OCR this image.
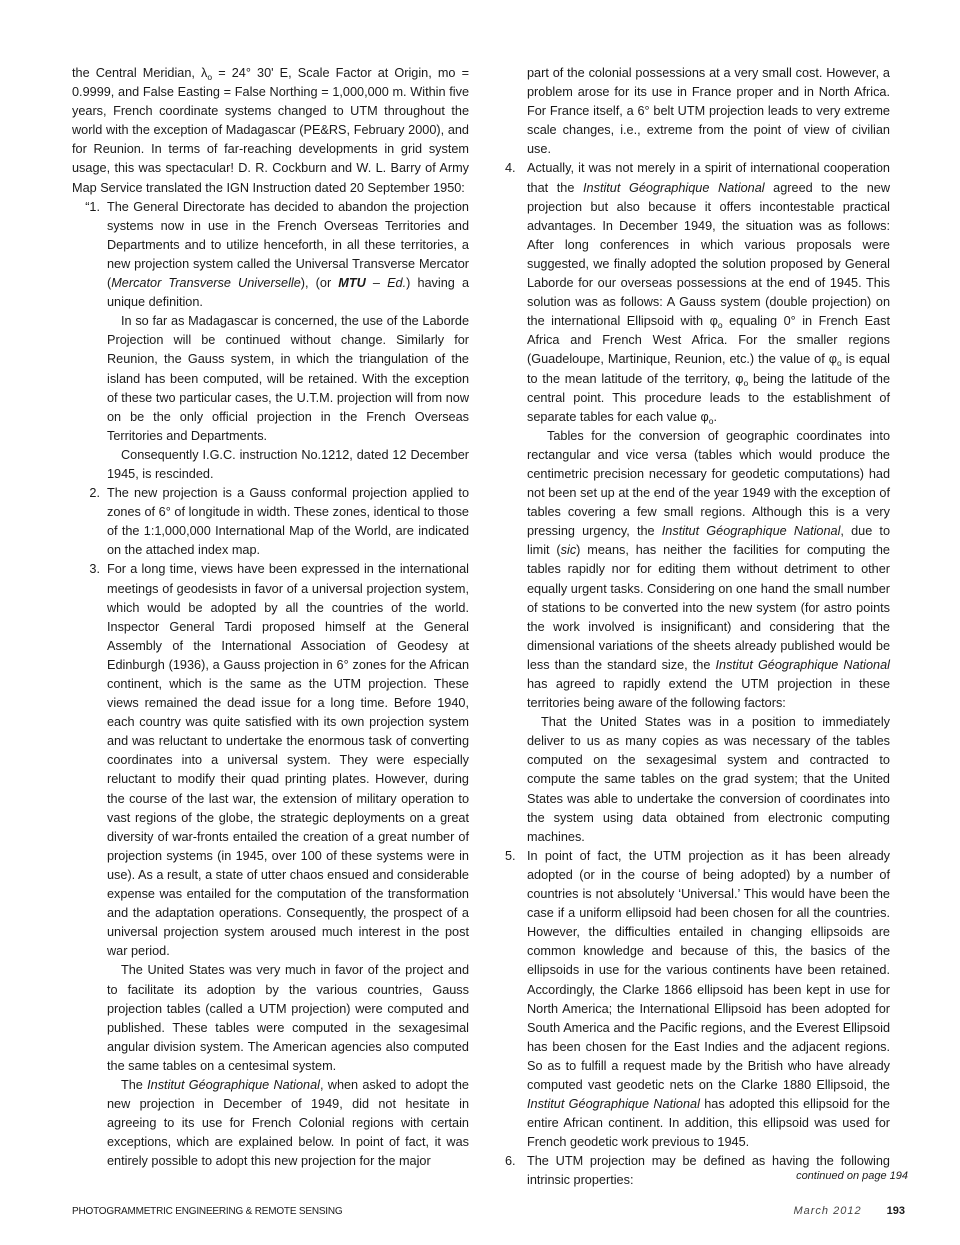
the Central Meridian, $\lambda_o = 24^\circ$ 30' E, Scale Factor at Origin, mo = 0.9999, and False Easting = False Northing = 1,000,000 m. Within five years, French coordinate systems changed to UTM throughout the world with the exception of Madagascar (PE&RS, February 2000), and for Reunion. In terms of far-reaching developments in grid system usage, this was spectacular! D. R. Cockburn and W. L. Barry of Army Map Service translated the IGN Instruction dated 20 September 1950:

“1. The General Directorate has decided to abandon the projection systems now in use in the French Overseas Territories and Departments and to utilize henceforth, in all these territories, a new projection system called the Universal Transverse Mercator (Mercator Transverse Universelle), (or MTU – Ed.) having a unique definition.

In so far as Madagascar is concerned, the use of the Laborde Projection will be continued without change. Similarly for Reunion, the Gauss system, in which the triangulation of the island has been computed, will be retained. With the exception of these two particular cases, the U.T.M. projection will from now on be the only official projection in the French Overseas Territories and Departments.

Consequently I.G.C. instruction No.1212, dated 12 December 1945, is rescinded.

2. The new projection is a Gauss conformal projection applied to zones of 6° of longitude in width. These zones, identical to those of the 1:1,000,000 International Map of the World, are indicated on the attached index map.

3. For a long time, views have been expressed in the international meetings of geodesists in favor of a universal projection system, which would be adopted by all the countries of the world. Inspector General Tardi proposed himself at the General Assembly of the International Association of Geodesy at Edinburgh (1936), a Gauss projection in 6° zones for the African continent, which is the same as the UTM projection. These views remained the dead issue for a long time. Before 1940, each country was quite satisfied with its own projection system and was reluctant to undertake the enormous task of converting coordinates into a universal system. They were especially reluctant to modify their quad printing plates. However, during the course of the last war, the extension of military operation to vast regions of the globe, the strategic deployments on a great diversity of war-fronts entailed the creation of a great number of projection systems (in 1945, over 100 of these systems were in use). As a result, a state of utter chaos ensued and considerable expense was entailed for the computation of the transformation and the adaptation operations. Consequently, the prospect of a universal projection system aroused much interest in the post war period.

The United States was very much in favor of the project and to facilitate its adoption by the various countries, Gauss projection tables (called a UTM projection) were computed and published. These tables were computed in the sexagesimal angular division system. The American agencies also computed the same tables on a centesimal system.

The Institut Géographique National, when asked to adopt the new projection in December of 1949, did not hesitate in agreeing to its use for French Colonial regions with certain exceptions, which are explained below. In point of fact, it was entirely possible to adopt this new projection for the major

part of the colonial possessions at a very small cost. However, a problem arose for its use in France proper and in North Africa. For France itself, a 6° belt UTM projection leads to very extreme scale changes, i.e., extreme from the point of view of civilian use.

4. Actually, it was not merely in a spirit of international cooperation that the Institut Géographique National agreed to the new projection but also because it offers incontestable practical advantages. In December 1949, the situation was as follows: After long conferences in which various proposals were suggested, we finally adopted the solution proposed by General Laborde for our overseas possessions at the end of 1945. This solution was as follows: A Gauss system (double projection) on the international Ellipsoid with $\varphi_o$ equaling 0° in French East Africa and French West Africa. For the smaller regions (Guadeloupe, Martinique, Reunion, etc.) the value of $\varphi_o$ is equal to the mean latitude of the territory, $\varphi_o$ being the latitude of the central point. This procedure leads to the establishment of separate tables for each value $\varphi_o$.

Tables for the conversion of geographic coordinates into rectangular and vice versa (tables which would produce the centimetric precision necessary for geodetic computations) had not been set up at the end of the year 1949 with the exception of tables covering a few small regions. Although this is a very pressing urgency, the Institut Géographique National, due to limit (sic) means, has neither the facilities for computing the tables rapidly nor for editing them without detriment to other equally urgent tasks. Considering on one hand the small number of stations to be converted into the new system (for astro points the work involved is insignificant) and considering that the dimensional variations of the sheets already published would be less than the standard size, the Institut Géographique National has agreed to rapidly extend the UTM projection in these territories being aware of the following factors:

That the United States was in a position to immediately deliver to us as many copies as was necessary of the tables computed on the sexagesimal system and contracted to compute the same tables on the grad system; that the United States was able to undertake the conversion of coordinates into the system using data obtained from electronic computing machines.

5. In point of fact, the UTM projection as it has been already adopted (or in the course of being adopted) by a number of countries is not absolutely ‘Universal.’ This would have been the case if a uniform ellipsoid had been chosen for all the countries. However, the difficulties entailed in changing ellipsoids are common knowledge and because of this, the basics of the ellipsoids in use for the various continents have been retained. Accordingly, the Clarke 1866 ellipsoid has been kept in use for North America; the International Ellipsoid has been adopted for South America and the Pacific regions, and the Everest Ellipsoid has been chosen for the East Indies and the adjacent regions. So as to fulfill a request made by the British who have already computed vast geodetic nets on the Clarke 1880 Ellipsoid, the Institut Géographique National has adopted this ellipsoid for the entire African continent. In addition, this ellipsoid was used for French geodetic work previous to 1945.

6. The UTM projection may be defined as having the following intrinsic properties:	continued on page 194
PHOTOGRAMMETRIC ENGINEERING & REMOTE SENSING	March 2012 193
